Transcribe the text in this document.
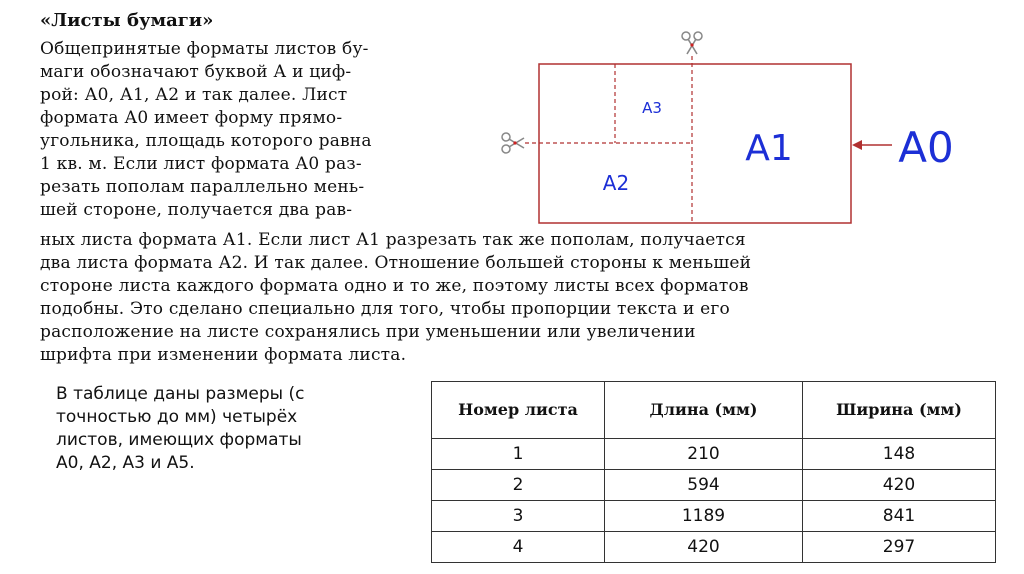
«Листы бумаги»
Общепринятые форматы листов бу-
маги обозначают буквой А и циф-
рой: А0, А1, А2 и так далее. Лист
формата А0 имеет форму прямо-
угольника, площадь которого равна
1 кв. м. Если лист формата А0 раз-
резать пополам параллельно мень-
шей стороне, получается два рав-
ных листа формата А1. Если лист А1 разрезать так же пополам, получается
два листа формата А2. И так далее. Отношение большей стороны к меньшей
стороне листа каждого формата одно и то же, поэтому листы всех форматов
подобны. Это сделано специально для того, чтобы пропорции текста и его
расположение на листе сохранялись при уменьшении или увеличении
шрифта при изменении формата листа.
А3
А2
А1	А0
В таблице даны размеры (с
точностью до мм) четырёх
листов, имеющих форматы
А0, А2, А3 и А5.
Номер листа	Длина (мм)	Ширина (мм)
1	210	148
2	594	420
3	1189	841
4	420	297
